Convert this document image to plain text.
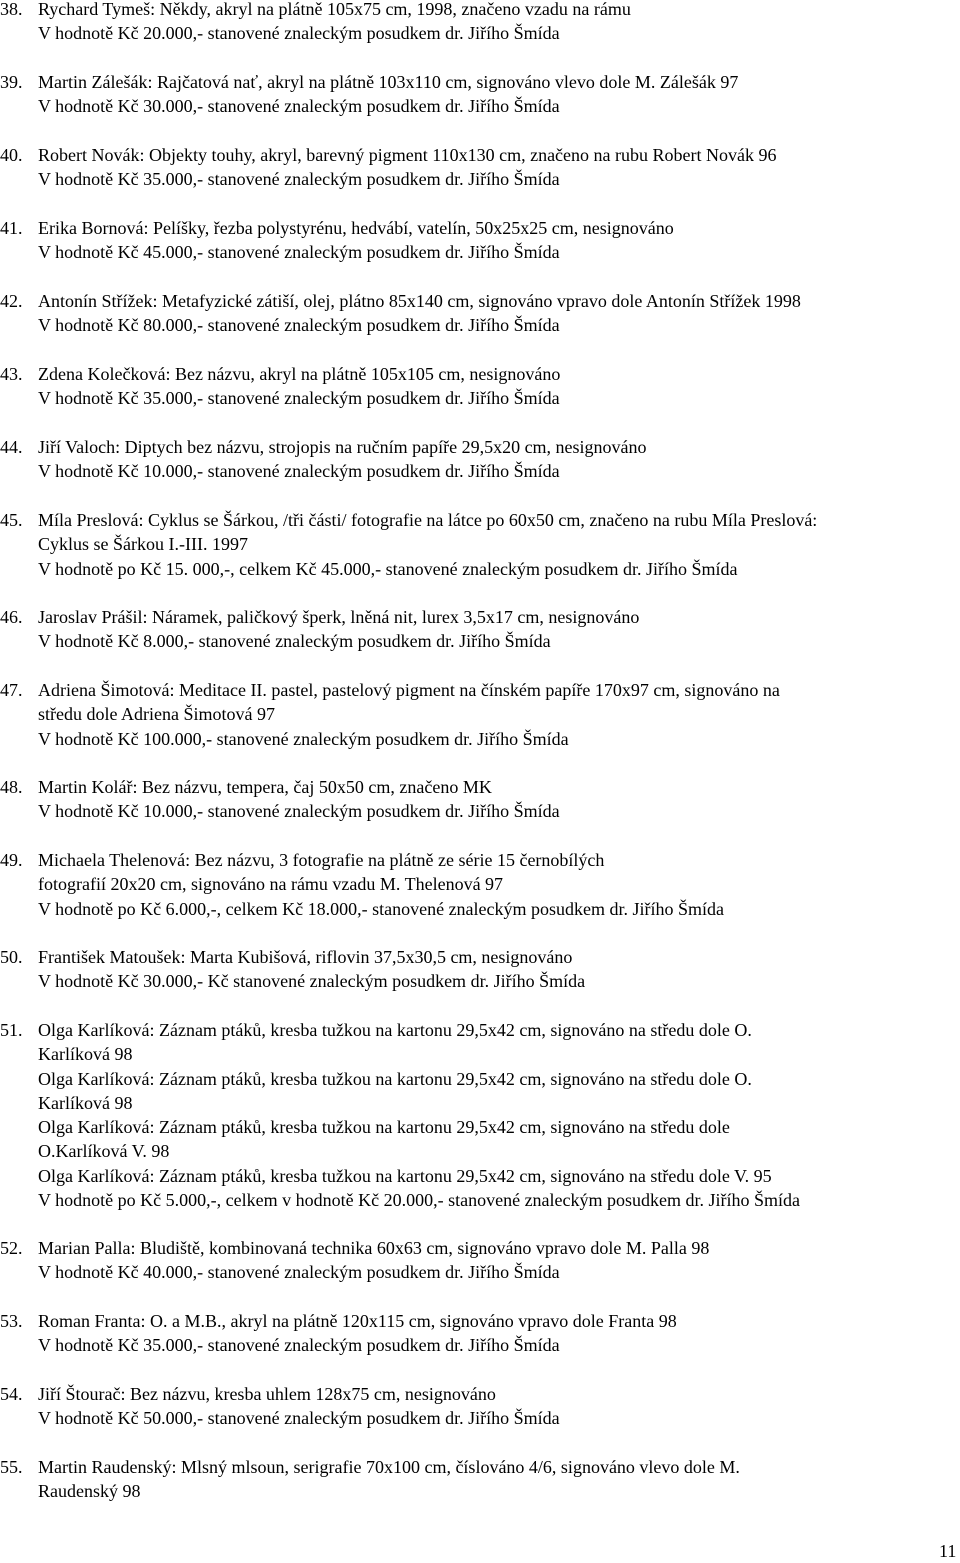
38. Rychard Tymeš: Někdy, akryl na plátně 105x75 cm, 1998, značeno vzadu na rámu
V hodnotě Kč 20.000,- stanovené znaleckým posudkem dr. Jiřího Šmída
39. Martin Zálešák: Rajčatová nať, akryl na plátně 103x110 cm, signováno vlevo dole M. Zálešák 97
V hodnotě Kč 30.000,- stanovené znaleckým posudkem dr. Jiřího Šmída
40. Robert Novák: Objekty touhy, akryl, barevný pigment 110x130 cm, značeno na rubu Robert Novák 96
V hodnotě Kč 35.000,- stanovené znaleckým posudkem dr. Jiřího Šmída
41. Erika Bornová: Pelíšky, řezba polystyrénu, hedvábí, vatelín, 50x25x25 cm, nesignováno
V hodnotě Kč 45.000,- stanovené znaleckým posudkem dr. Jiřího Šmída
42. Antonín Střížek: Metafyzické zátiší, olej, plátno 85x140 cm, signováno vpravo dole Antonín Střížek 1998
V hodnotě Kč 80.000,- stanovené znaleckým posudkem dr. Jiřího Šmída
43. Zdena Kolečková: Bez názvu, akryl na plátně 105x105 cm, nesignováno
V hodnotě Kč 35.000,- stanovené znaleckým posudkem dr. Jiřího Šmída
44. Jiří Valoch: Diptych bez názvu, strojopis na ručním papíře 29,5x20 cm, nesignováno
V hodnotě Kč 10.000,- stanovené znaleckým posudkem dr. Jiřího Šmída
45. Míla Preslová: Cyklus se Šárkou, /tři části/ fotografie na látce po 60x50 cm, značeno na rubu Míla Preslová:
Cyklus se Šárkou I.-III. 1997
V hodnotě po Kč 15. 000,-, celkem Kč 45.000,- stanovené znaleckým posudkem dr. Jiřího Šmída
46. Jaroslav Prášil: Náramek, paličkový šperk, lněná nit, lurex 3,5x17 cm, nesignováno
V hodnotě Kč 8.000,- stanovené znaleckým posudkem dr. Jiřího Šmída
47. Adriena Šimotová: Meditace II. pastel, pastelový pigment na čínském papíře 170x97 cm, signováno na
středu dole Adriena Šimotová 97
V hodnotě Kč 100.000,- stanovené znaleckým posudkem dr. Jiřího Šmída
48. Martin Kolář: Bez názvu, tempera, čaj 50x50 cm, značeno MK
V hodnotě Kč 10.000,- stanovené znaleckým posudkem dr. Jiřího Šmída
49. Michaela Thelenová: Bez názvu, 3 fotografie na plátně ze série 15 černobílých
fotografií 20x20 cm, signováno na rámu vzadu M. Thelenová 97
V hodnotě po Kč 6.000,-, celkem Kč 18.000,- stanovené znaleckým posudkem dr. Jiřího Šmída
50. František Matoušek: Marta Kubišová, riflovin 37,5x30,5 cm, nesignováno
V hodnotě Kč 30.000,- Kč stanovené znaleckým posudkem dr. Jiřího Šmída
51. Olga Karlíková: Záznam ptáků, kresba tužkou na kartonu 29,5x42 cm, signováno na středu dole O.
Karlíková 98
Olga Karlíková: Záznam ptáků, kresba tužkou na kartonu 29,5x42 cm, signováno na středu dole O.
Karlíková 98
Olga Karlíková: Záznam ptáků, kresba tužkou na kartonu 29,5x42 cm, signováno na středu dole
O.Karlíková V. 98
Olga Karlíková: Záznam ptáků, kresba tužkou na kartonu 29,5x42 cm, signováno na středu dole V. 95
V hodnotě po Kč 5.000,-, celkem v hodnotě Kč 20.000,- stanovené znaleckým posudkem dr. Jiřího Šmída
52. Marian Palla: Bludiště, kombinovaná technika 60x63 cm, signováno vpravo dole M. Palla 98
V hodnotě Kč 40.000,- stanovené znaleckým posudkem dr. Jiřího Šmída
53. Roman Franta: O. a M.B., akryl na plátně 120x115 cm, signováno vpravo dole Franta 98
V hodnotě Kč 35.000,- stanovené znaleckým posudkem dr. Jiřího Šmída
54. Jiří Štourač: Bez názvu, kresba uhlem 128x75 cm, nesignováno
V hodnotě Kč 50.000,- stanovené znaleckým posudkem dr. Jiřího Šmída
55. Martin Raudenský: Mlsný mlsoun, serigrafie 70x100 cm, číslováno 4/6, signováno vlevo dole M.
Raudenský 98
11
